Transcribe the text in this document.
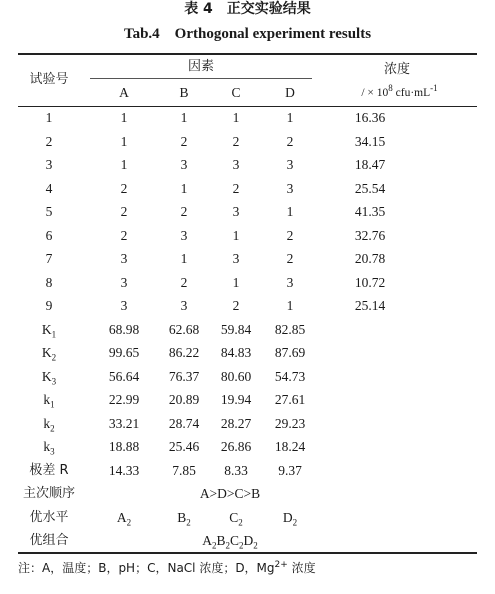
表 4　正交实验结果
Tab.4　Orthogonal experiment results
试验号
因素	浓度
/ × $10^8$ $cfu\cdot mL^{-1}$
A	B	C	D
1	1	1	1	1	16.36
2	1	2	2	2	34.15
3	1	3	3	3	18.47
4	2	1	2	3	25.54
5	2	2	3	1	41.35
6	2	3	1	2	32.76
7	3	1	3	2	20.78
8	3	2	1	3	10.72
9	3	3	2	1	25.14
$K_1$	68.98	62.68	59.84	82.85
$K_2$	99.65	86.22	84.83	87.69
$K_3$	56.64	76.37	80.60	54.73
$k_1$	22.99	20.89	19.94	27.61
$k_2$	33.21	28.74	28.27	29.23
$k_3$	18.88	25.46	26.86	18.24
极差 R	14.33	7.85	8.33	9.37
主次顺序	A>D>C>B
优水平	$A_2$	$B_2$	$C_2$	$D_2$
优组合	$A_2B_2C_2D_2$
注：A，温度；B，pH；C，NaCl 浓度；D，$Mg^{2+}$ 浓度
